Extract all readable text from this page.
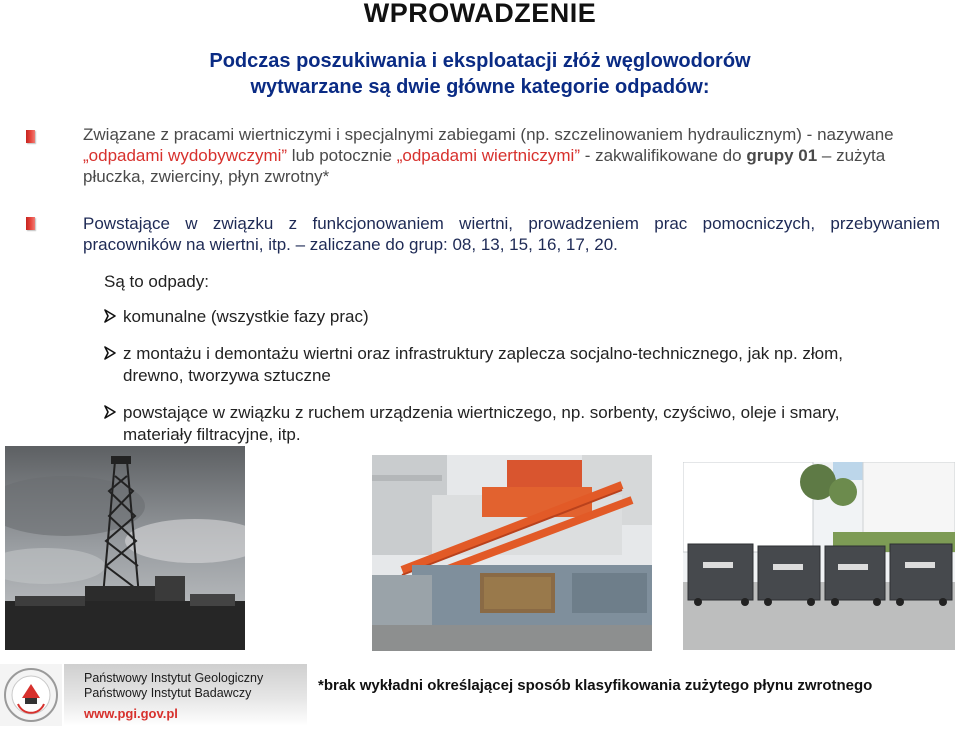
WPROWADZENIE
Podczas poszukiwania i eksploatacji złóż węglowodorów
wytwarzane są dwie główne kategorie odpadów:
Związane z pracami wiertniczymi i specjalnymi zabiegami (np. szczelinowaniem hydraulicznym) - nazywane „odpadami wydobywczymi” lub potocznie „odpadami wiertniczymi” - zakwalifikowane do grupy 01 – zużyta płuczka, zwierciny, płyn zwrotny*
Powstające w związku z funkcjonowaniem wiertni, prowadzeniem prac pomocniczych, przebywaniem pracowników na wiertni, itp. – zaliczane do grup: 08, 13, 15, 16, 17, 20.
Są to odpady:
komunalne (wszystkie fazy prac)
z montażu i demontażu wiertni oraz infrastruktury zaplecza socjalno-technicznego, jak np. złom, drewno, tworzywa sztuczne
powstające w związku z ruchem urządzenia wiertniczego, np. sorbenty, czyściwo, oleje i smary, materiały filtracyjne, itp.
Państwowy Instytut Geologiczny
Państwowy Instytut Badawczy
www.pgi.gov.pl
*brak wykładni określającej sposób klasyfikowania zużytego płynu zwrotnego
